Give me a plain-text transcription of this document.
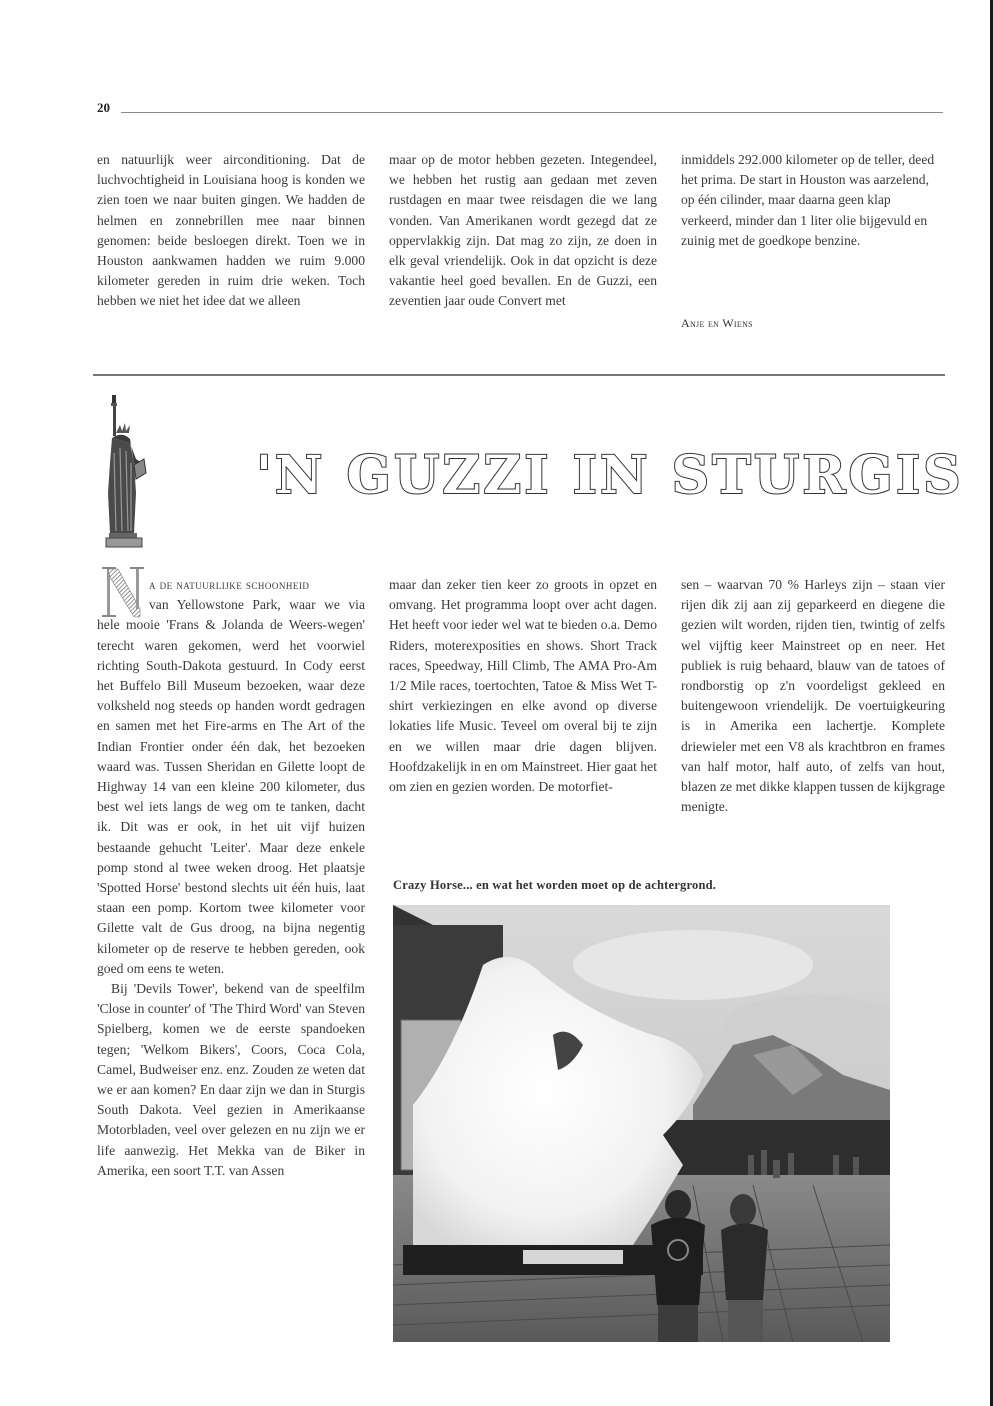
20

en natuurlijk weer airconditioning. Dat de luchvochtigheid in Louisiana hoog is konden we zien toen we naar buiten gingen. We hadden de helmen en zonnebrillen mee naar binnen genomen: beide besloegen direkt. Toen we in Houston aankwamen hadden we ruim 9.000 kilometer gereden in ruim drie weken. Toch hebben we niet het idee dat we alleen

maar op de motor hebben gezeten. Integendeel, we hebben het rustig aan gedaan met zeven rustdagen en maar twee reisdagen die we lang vonden. Van Amerikanen wordt gezegd dat ze oppervlakkig zijn. Dat mag zo zijn, ze doen in elk geval vriendelijk. Ook in dat opzicht is deze vakantie heel goed bevallen. En de Guzzi, een zeventien jaar oude Convert met

inmiddels 292.000 kilometer op de teller, deed het prima. De start in Houston was aarzelend, op één cilinder, maar daarna geen klap verkeerd, minder dan 1 liter olie bijgevuld en zuinig met de goedkope benzine.

Anje en Wiens
'N GUZZI IN STURGIS

a de natuurlijke schoonheid

van Yellowstone Park, waar we via hele mooie 'Frans & Jolanda de Weers-wegen' terecht waren gekomen, werd het voorwiel richting South-Dakota gestuurd. In Cody eerst het Buffelo Bill Museum bezoeken, waar deze volksheld nog steeds op handen wordt gedragen en samen met het Fire-arms en The Art of the Indian Frontier onder één dak, het bezoeken waard was. Tussen Sheridan en Gilette loopt de Highway 14 van een kleine 200 kilometer, dus best wel iets langs de weg om te tanken, dacht ik. Dit was er ook, in het uit vijf huizen bestaande gehucht 'Leiter'. Maar deze enkele pomp stond al twee weken droog. Het plaatsje 'Spotted Horse' bestond slechts uit één huis, laat staan een pomp. Kortom twee kilometer voor Gilette valt de Gus droog, na bijna negentig kilometer op de reserve te hebben gereden, ook goed om eens te weten.

Bij 'Devils Tower', bekend van de speelfilm 'Close in counter' of 'The Third Word' van Steven Spielberg, komen we de eerste spandoeken tegen; 'Welkom Bikers', Coors, Coca Cola, Camel, Budweiser enz. enz. Zouden ze weten dat we er aan komen? En daar zijn we dan in Sturgis South Dakota. Veel gezien in Amerikaanse Motorbladen, veel over gelezen en nu zijn we er life aanwezig. Het Mekka van de Biker in Amerika, een soort T.T. van Assen

maar dan zeker tien keer zo groots in opzet en omvang. Het programma loopt over acht dagen. Het heeft voor ieder wel wat te bieden o.a. Demo Riders, moterexposities en shows. Short Track races, Speedway, Hill Climb, The AMA Pro-Am 1/2 Mile races, toertochten, Tatoe & Miss Wet T-shirt verkiezingen en elke avond op diverse lokaties life Music. Teveel om overal bij te zijn en we willen maar drie dagen blijven. Hoofdzakelijk in en om Mainstreet. Hier gaat het om zien en gezien worden. De motorfiet-

sen – waarvan 70 % Harleys zijn – staan vier rijen dik zij aan zij geparkeerd en diegene die gezien wilt worden, rijden tien, twintig of zelfs wel vijftig keer Mainstreet op en neer. Het publiek is ruig behaard, blauw van de tatoes of rondborstig op z'n voordeligst gekleed en buitengewoon vriendelijk. De voertuigkeuring is in Amerika een lachertje. Komplete driewieler met een V8 als krachtbron en frames van half motor, half auto, of zelfs van hout, blazen ze met dikke klappen tussen de kijkgrage menigte.

Crazy Horse... en wat het worden moet op de achtergrond.
